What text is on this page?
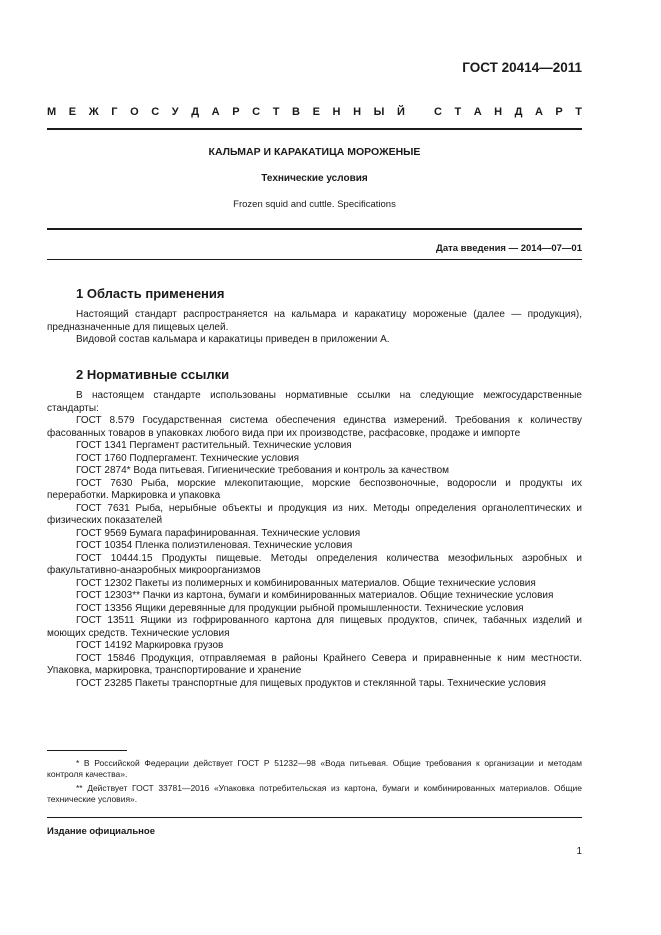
ГОСТ 20414—2011
М Е Ж Г О С У Д А Р С Т В Е Н Н Ы Й	С Т А Н Д А Р Т
КАЛЬМАР И КАРАКАТИЦА МОРОЖЕНЫЕ
Технические условия
Frozen squid and cuttle. Specifications
Дата введения — 2014—07—01
1 Область применения

Настоящий стандарт распространяется на кальмара и каракатицу мороженые (далее — продукция), предназначенные для пищевых целей.

Видовой состав кальмара и каракатицы приведен в приложении А.

2 Нормативные ссылки

В настоящем стандарте использованы нормативные ссылки на следующие межгосударственные стандарты:

ГОСТ 8.579 Государственная система обеспечения единства измерений. Требования к количеству фасованных товаров в упаковках любого вида при их производстве, расфасовке, продаже и импорте

ГОСТ 1341 Пергамент растительный. Технические условия

ГОСТ 1760 Подпергамент. Технические условия

ГОСТ 2874* Вода питьевая. Гигиенические требования и контроль за качеством

ГОСТ 7630 Рыба, морские млекопитающие, морские беспозвоночные, водоросли и продукты их переработки. Маркировка и упаковка

ГОСТ 7631 Рыба, нерыбные объекты и продукция из них. Методы определения органолептических и физических показателей

ГОСТ 9569 Бумага парафинированная. Технические условия

ГОСТ 10354 Пленка полиэтиленовая. Технические условия

ГОСТ 10444.15 Продукты пищевые. Методы определения количества мезофильных аэробных и факультативно-анаэробных микроорганизмов

ГОСТ 12302 Пакеты из полимерных и комбинированных материалов. Общие технические условия

ГОСТ 12303** Пачки из картона, бумаги и комбинированных материалов. Общие технические условия

ГОСТ 13356 Ящики деревянные для продукции рыбной промышленности. Технические условия

ГОСТ 13511 Ящики из гофрированного картона для пищевых продуктов, спичек, табачных изделий и моющих средств. Технические условия

ГОСТ 14192 Маркировка грузов

ГОСТ 15846 Продукция, отправляемая в районы Крайнего Севера и приравненные к ним местности. Упаковка, маркировка, транспортирование и хранение

ГОСТ 23285 Пакеты транспортные для пищевых продуктов и стеклянной тары. Технические условия

* В Российской Федерации действует ГОСТ Р 51232—98 «Вода питьевая. Общие требования к организации и методам контроля качества».

** Действует ГОСТ 33781—2016 «Упаковка потребительская из картона, бумаги и комбинированных материалов. Общие технические условия».

Издание официальное
1
